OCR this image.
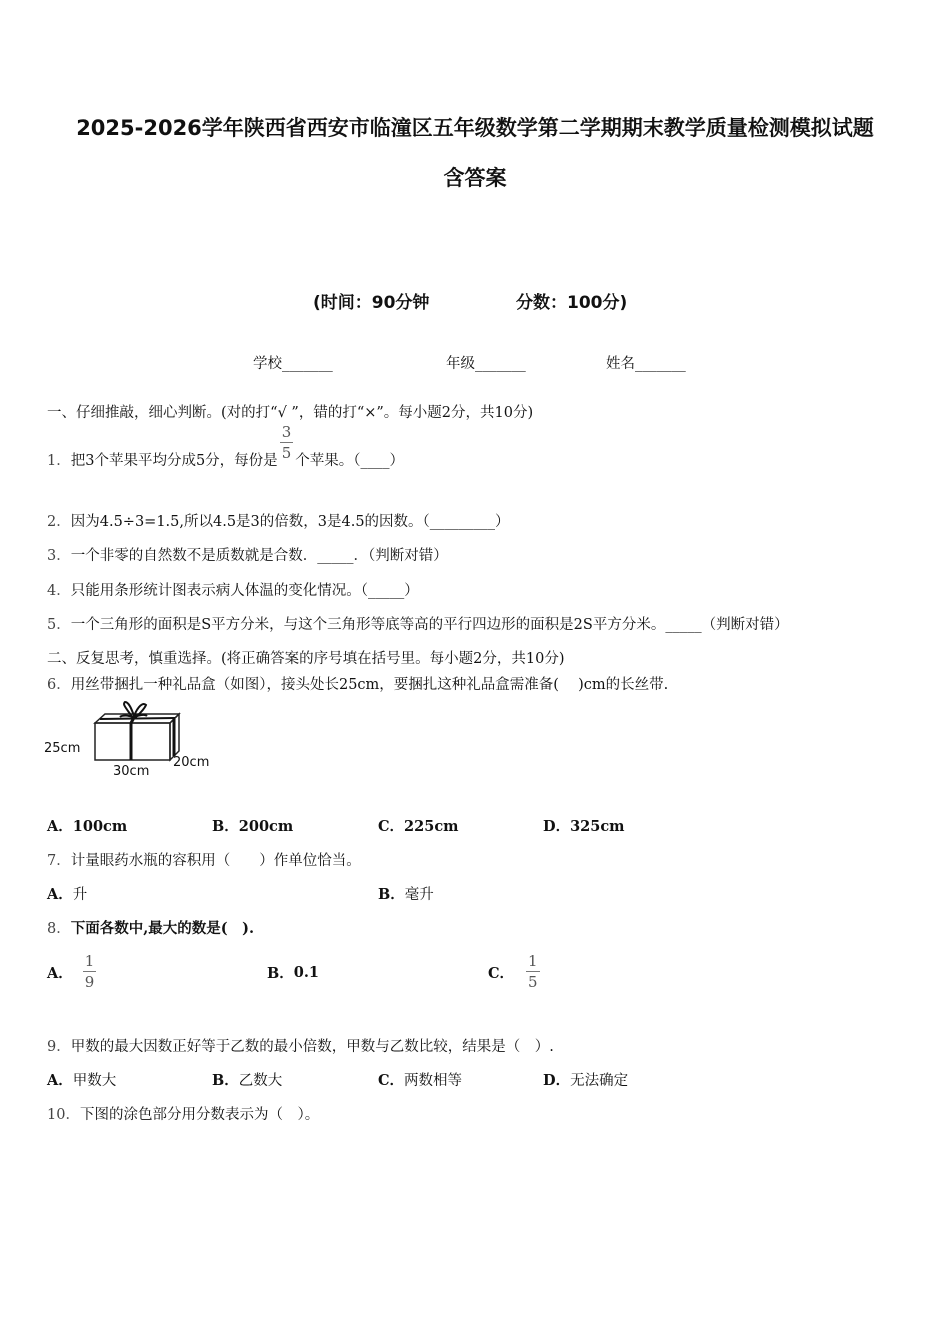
2025-2026学年陕西省西安市临潼区五年级数学第二学期期末教学质量检测模拟试题
含答案
(时间：90分钟	分数：100分)
学校_______	年级_______	姓名_______
一、仔细推敲，细心判断。(对的打“√ ”，错的打“×”。每小题2分，共10分)
1． 把3个苹果平均分成5分，每份是 $\frac{3}{5}$ 个苹果。（____）
2．因为4.5÷3=1.5,所以4.5是3的倍数，3是4.5的因数。（_________）
3．一个非零的自然数不是质数就是合数．_____．（判断对错）
4．只能用条形统计图表示病人体温的变化情况。（_____）
5．一个三角形的面积是S平方分米，与这个三角形等底等高的平行四边形的面积是2S平方分米。_____（判断对错）
二、反复思考，慎重选择。(将正确答案的序号填在括号里。每小题2分，共10分)
6．用丝带捆扎一种礼品盒（如图），接头处长25cm，要捆扎这种礼品盒需准备(　 )cm的长丝带.
25cm
30cm
20cm
A．100cm	B．200cm	C．225cm	D．325cm
7．计量眼药水瓶的容积用（　　）作单位恰当。
A．升	B．毫升
8．下面各数中,最大的数是(　).
A． $\frac{1}{9}$	B． 0.1	C． $\frac{1}{5}$
9．甲数的最大因数正好等于乙数的最小倍数，甲数与乙数比较，结果是（　）.
A．甲数大	B．乙数大	C．两数相等	D．无法确定
10．下图的涂色部分用分数表示为（　）。
